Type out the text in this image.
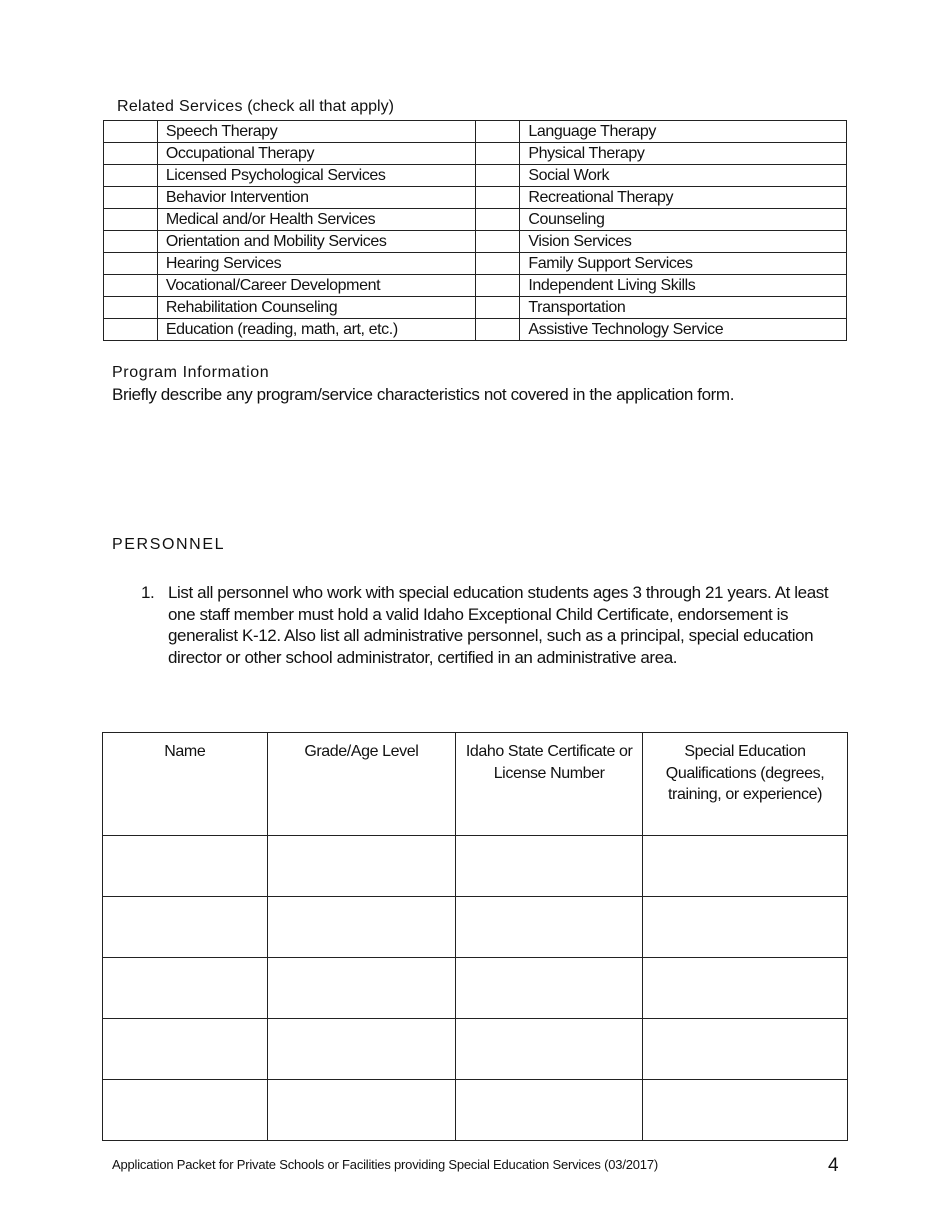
Related Services (check all that apply)
	Speech Therapy		Language Therapy
	Occupational Therapy		Physical Therapy
	Licensed Psychological Services		Social Work
	Behavior Intervention		Recreational Therapy
	Medical and/or Health Services		Counseling
	Orientation and Mobility Services		Vision Services
	Hearing Services		Family Support Services
	Vocational/Career Development		Independent Living Skills
	Rehabilitation Counseling		Transportation
	Education (reading, math, art, etc.)		Assistive Technology Service
Program Information
Briefly describe any program/service characteristics not covered in the application form.
PERSONNEL
1. List all personnel who work with special education students ages 3 through 21 years. At least one staff member must hold a valid Idaho Exceptional Child Certificate, endorsement is generalist K-12. Also list all administrative personnel, such as a principal, special education director or other school administrator, certified in an administrative area.
Name	Grade/Age Level	Idaho State Certificate or License Number	Special Education Qualifications (degrees, training, or experience)

Application Packet for Private Schools or Facilities providing Special Education Services (03/2017)	4
